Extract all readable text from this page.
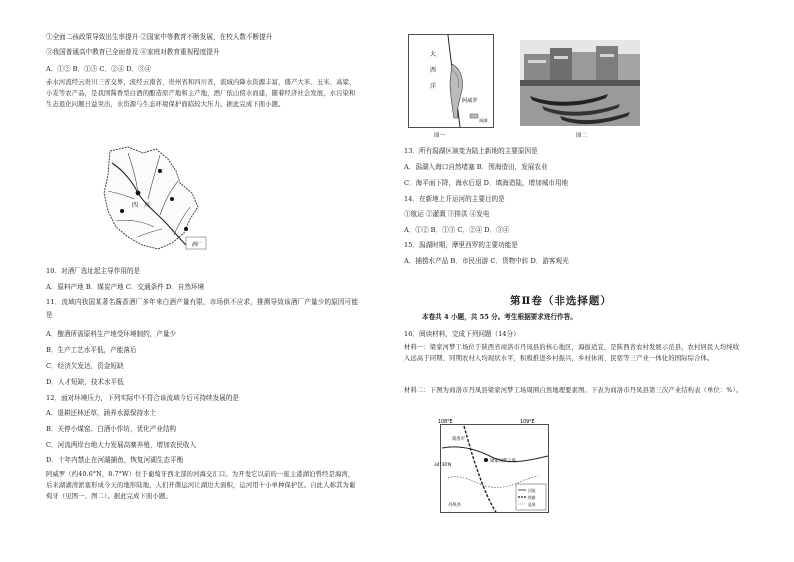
①全面二孩政策导致出生率提升 ②国家中等教育不断发展，在校人数不断提升
③我国普通高中教育已全面普及 ④家庭对教育重视程度提升
A．①② B．①③ C．②④ D．③④
赤水河流经云贵川三省交界，流经云南省、贵州省和四川省，流域内降水资源丰富，盛产大米、玉米、高粱、小麦等农产品，是我国酱香型白酒的酿造原产地和主产地，酒厂依山傍水而建，随着经济社会发展，水污染和生态退化问题日益突出，水资源与生态环境保护面临较大压力。据此完成下面小题。
四 川
酒厂
10．对酒厂选址起主导作用的是
A．原料产地 B．煤炭产地 C．交通条件 D．自然环境
11．流域内我国某著名酱香酒厂多年来白酒产量有限，市场供不应求，推测导致该酒厂产量少的原因可能是
A．酿酒所需原料生产地受环境制约，产量少
B．生产工艺水平低，产能落后
C．经济欠发达，资金短缺
D．人才短缺，技术水平低
12．面对环境压力，下列实际中不符合该流域今后可持续发展的是
A．退耕还林还草，涵养水源保持水土
B．关停小煤窑、白酒小作坊，优化产业结构
C．河流两岸台地大力发展高寨养殖，增加农民收入
D．十年内禁止在河湖捕鱼，恢复河湖生态平衡
阿威罗（约40.6°N，8.7°W）位于葡萄牙西北部的河海交汇口。为开发它以前的一座主港湖泊曾经是海湾，后来湖湖湾淤塞形成今天的地形陆地，人们开凿运河让湖边大面积，运河用十小单种保护区。自此人称其为葡萄牙（见图一、图二）。据此完成下面小题。
大
西
洋
阿威罗
潟湖
图一	图二
13．所有潟湖区演变为陆上新地的主要原因是
A．潟湖入海口自然堵塞 B．围海造田，发展农业
C．海平面下降，海水后退 D．填海造陆，增加城市用地
14．在新地上开运河的主要目的是
①航运 ②灌溉 ③排洪 ④发电
A．①② B．①③ C．②④ D．③④
15．潟湖时期，摩里西罗的主要功能是
A．捕捞水产品 B．市民出游 C．货物中转 D．游客观光
第Ⅱ卷（非选择题）
本卷共 4 小题，共 55 分。考生根据要求进行作答。
16．阅读材料，完成下列问题（14分）
材料一：梁家河梦工场位于陕西省商洛市丹凤县的核心地区，海拔适宜，是陕西省农村发展示范县，农村居民人均纯收入远高于同期、同期农村人均现状水平，积极推进乡村振兴，乡村休闲、民宿等三产业一体化的国际综合体。
材料二：下图为商洛市丹凤县梁家河梦工场周围自然地理要素图。下表为商洛市丹凤县第三次产业结构表（单位：%）。
108°E	109°E
34°30′N
梁家河梦工场
商洛市
丹凤县
河流
铁路
县界
